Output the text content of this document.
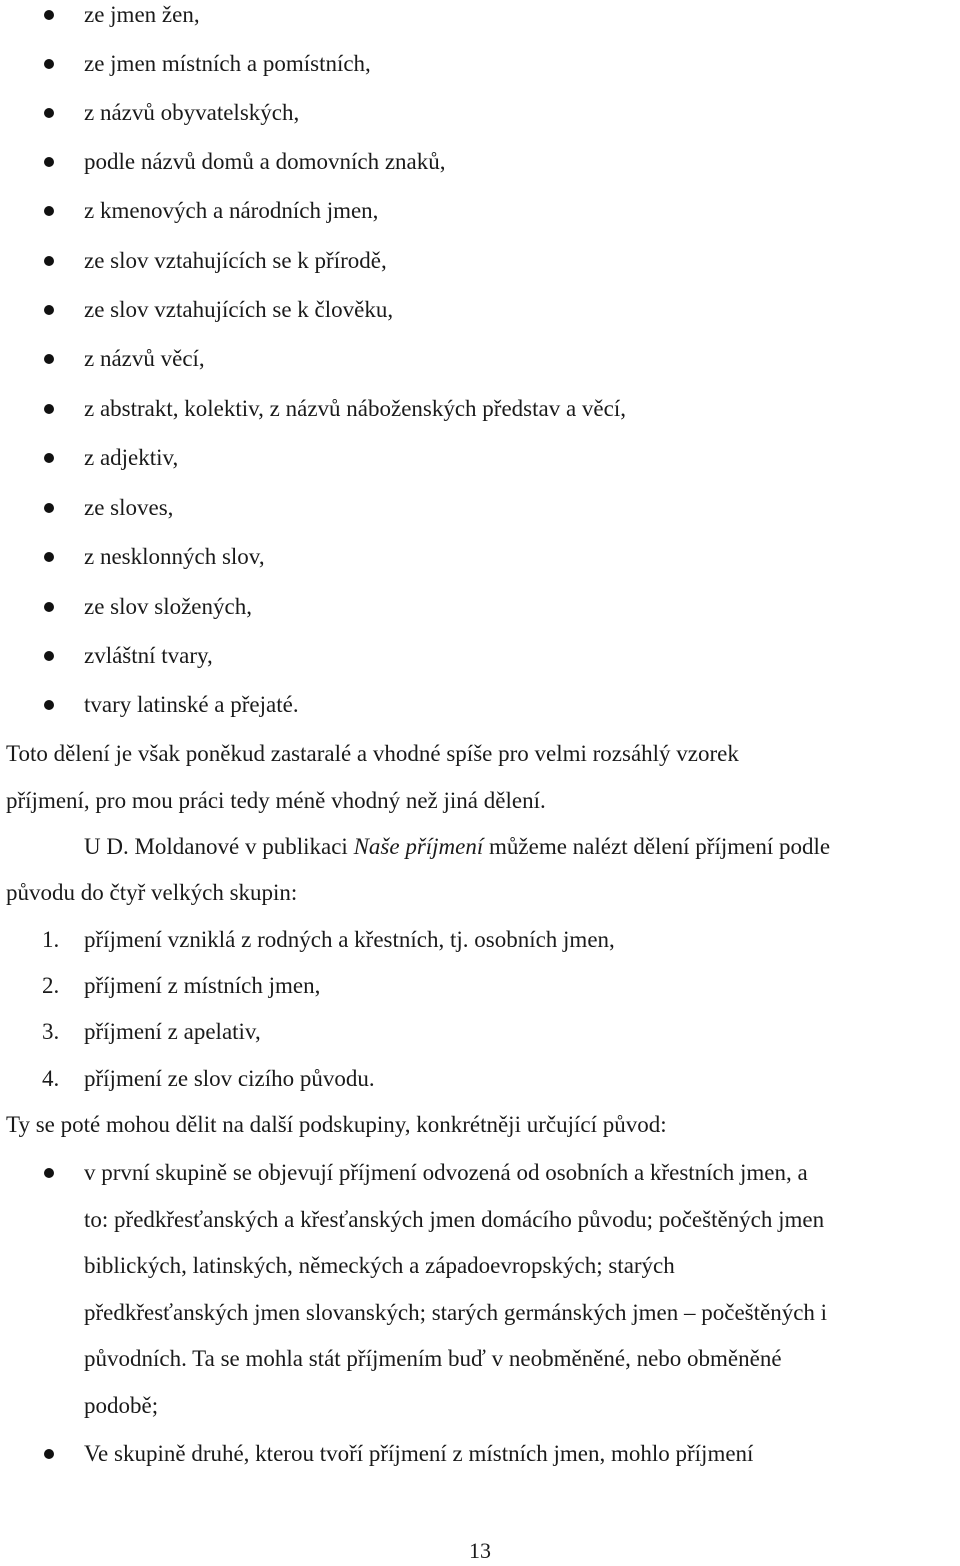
ze jmen žen,
ze jmen místních a pomístních,
z názvů obyvatelských,
podle názvů domů a domovních znaků,
z kmenových a národních jmen,
ze slov vztahujících se k přírodě,
ze slov vztahujících se k člověku,
z názvů věcí,
z abstrakt, kolektiv, z názvů náboženských představ a věcí,
z adjektiv,
ze sloves,
z nesklonných slov,
ze slov složených,
zvláštní tvary,
tvary latinské a přejaté.
Toto dělení je však poněkud zastaralé a vhodné spíše pro velmi rozsáhlý vzorek
příjmení, pro mou práci tedy méně vhodný než jiná dělení.
U D. Moldanové v publikaci Naše příjmení můžeme nalézt dělení příjmení podle
původu do čtyř velkých skupin:
1. příjmení vzniklá z rodných a křestních, tj. osobních jmen,
2. příjmení z místních jmen,
3. příjmení z apelativ,
4. příjmení ze slov cizího původu.
Ty se poté mohou dělit na další podskupiny, konkrétněji určující původ:
v první skupině se objevují příjmení odvozená od osobních a křestních jmen, a
to: předkřesťanských a křesťanských jmen domácího původu; počeštěných jmen
biblických, latinských, německých a západoevropských; starých
předkřesťanských jmen slovanských; starých germánských jmen – počeštěných i
původních. Ta se mohla stát příjmením buď v neobměněné, nebo obměněné
podobě;
Ve skupině druhé, kterou tvoří příjmení z místních jmen, mohlo příjmení
13
